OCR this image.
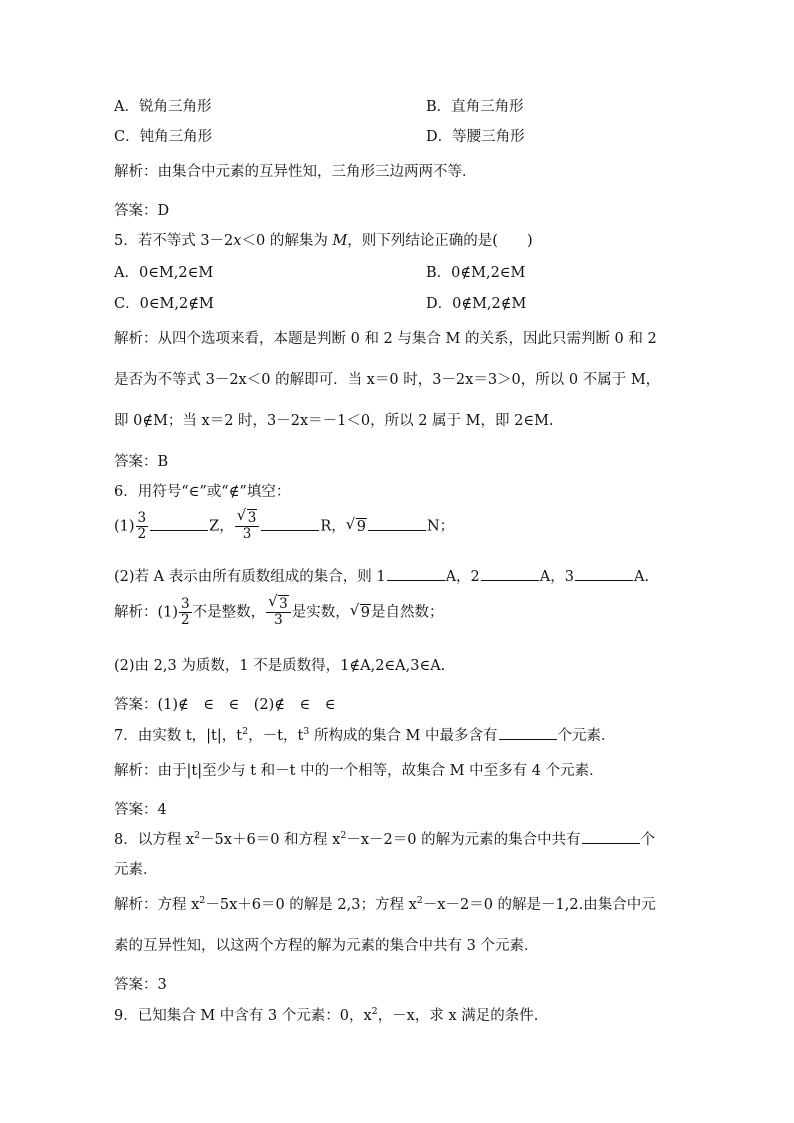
A．锐角三角形	B．直角三角形
C．钝角三角形	D．等腰三角形
解析：由集合中元素的互异性知，三角形三边两两不等．
答案：D
5．若不等式 3－2x＜0 的解集为 M，则下列结论正确的是(　　)
A．0∈M,2∈M	B．0∉M,2∈M
C．0∈M,2∉M	D．0∉M,2∉M
解析：从四个选项来看，本题是判断 0 和 2 与集合 M 的关系，因此只需判断 0 和 2
是否为不等式 3－2x＜0 的解即可．当 x＝0 时，3－2x＝3＞0，所以 0 不属于 M，
即 0∉M；当 x＝2 时，3－2x＝－1＜0，所以 2 属于 M，即 2∈M.
答案：B
6．用符号“∈”或“∉”填空：
$(1) \frac{3}{2}$	Z， $\frac{√ 3}{3}$	R， √ 9	N；
(2)若 A 表示由所有质数组成的集合，则 1	A，2	A，3	A.
解析：$(1) \frac{3}{2}$ 不是整数， $\frac{√ 3}{3}$ 是实数， √ 9是自然数；
(2)由 2,3 为质数，1 不是质数得，1∉A,2∈A,3∈A.
答案：(1)∉　∈　∈　(2)∉　∈　∈
7．由实数 t，|t|，$t^2$，－t，$t^3$ 所构成的集合 M 中最多含有	个元素．
解析：由于|t|至少与 t 和－t 中的一个相等，故集合 M 中至多有 4 个元素．
答案：4
8．以方程 $x^2-5x+6=0$ 和方程 $x^2-x-2=0$ 的解为元素的集合中共有	个
元素．
解析：方程 $x^2-5x+6=0$ 的解是 2,3；方程 $x^2-x-2=0$ 的解是－1,2.由集合中元
素的互异性知，以这两个方程的解为元素的集合中共有 3 个元素．
答案：3
9．已知集合 M 中含有 3 个元素：0，$x^2$，－x，求 x 满足的条件.
